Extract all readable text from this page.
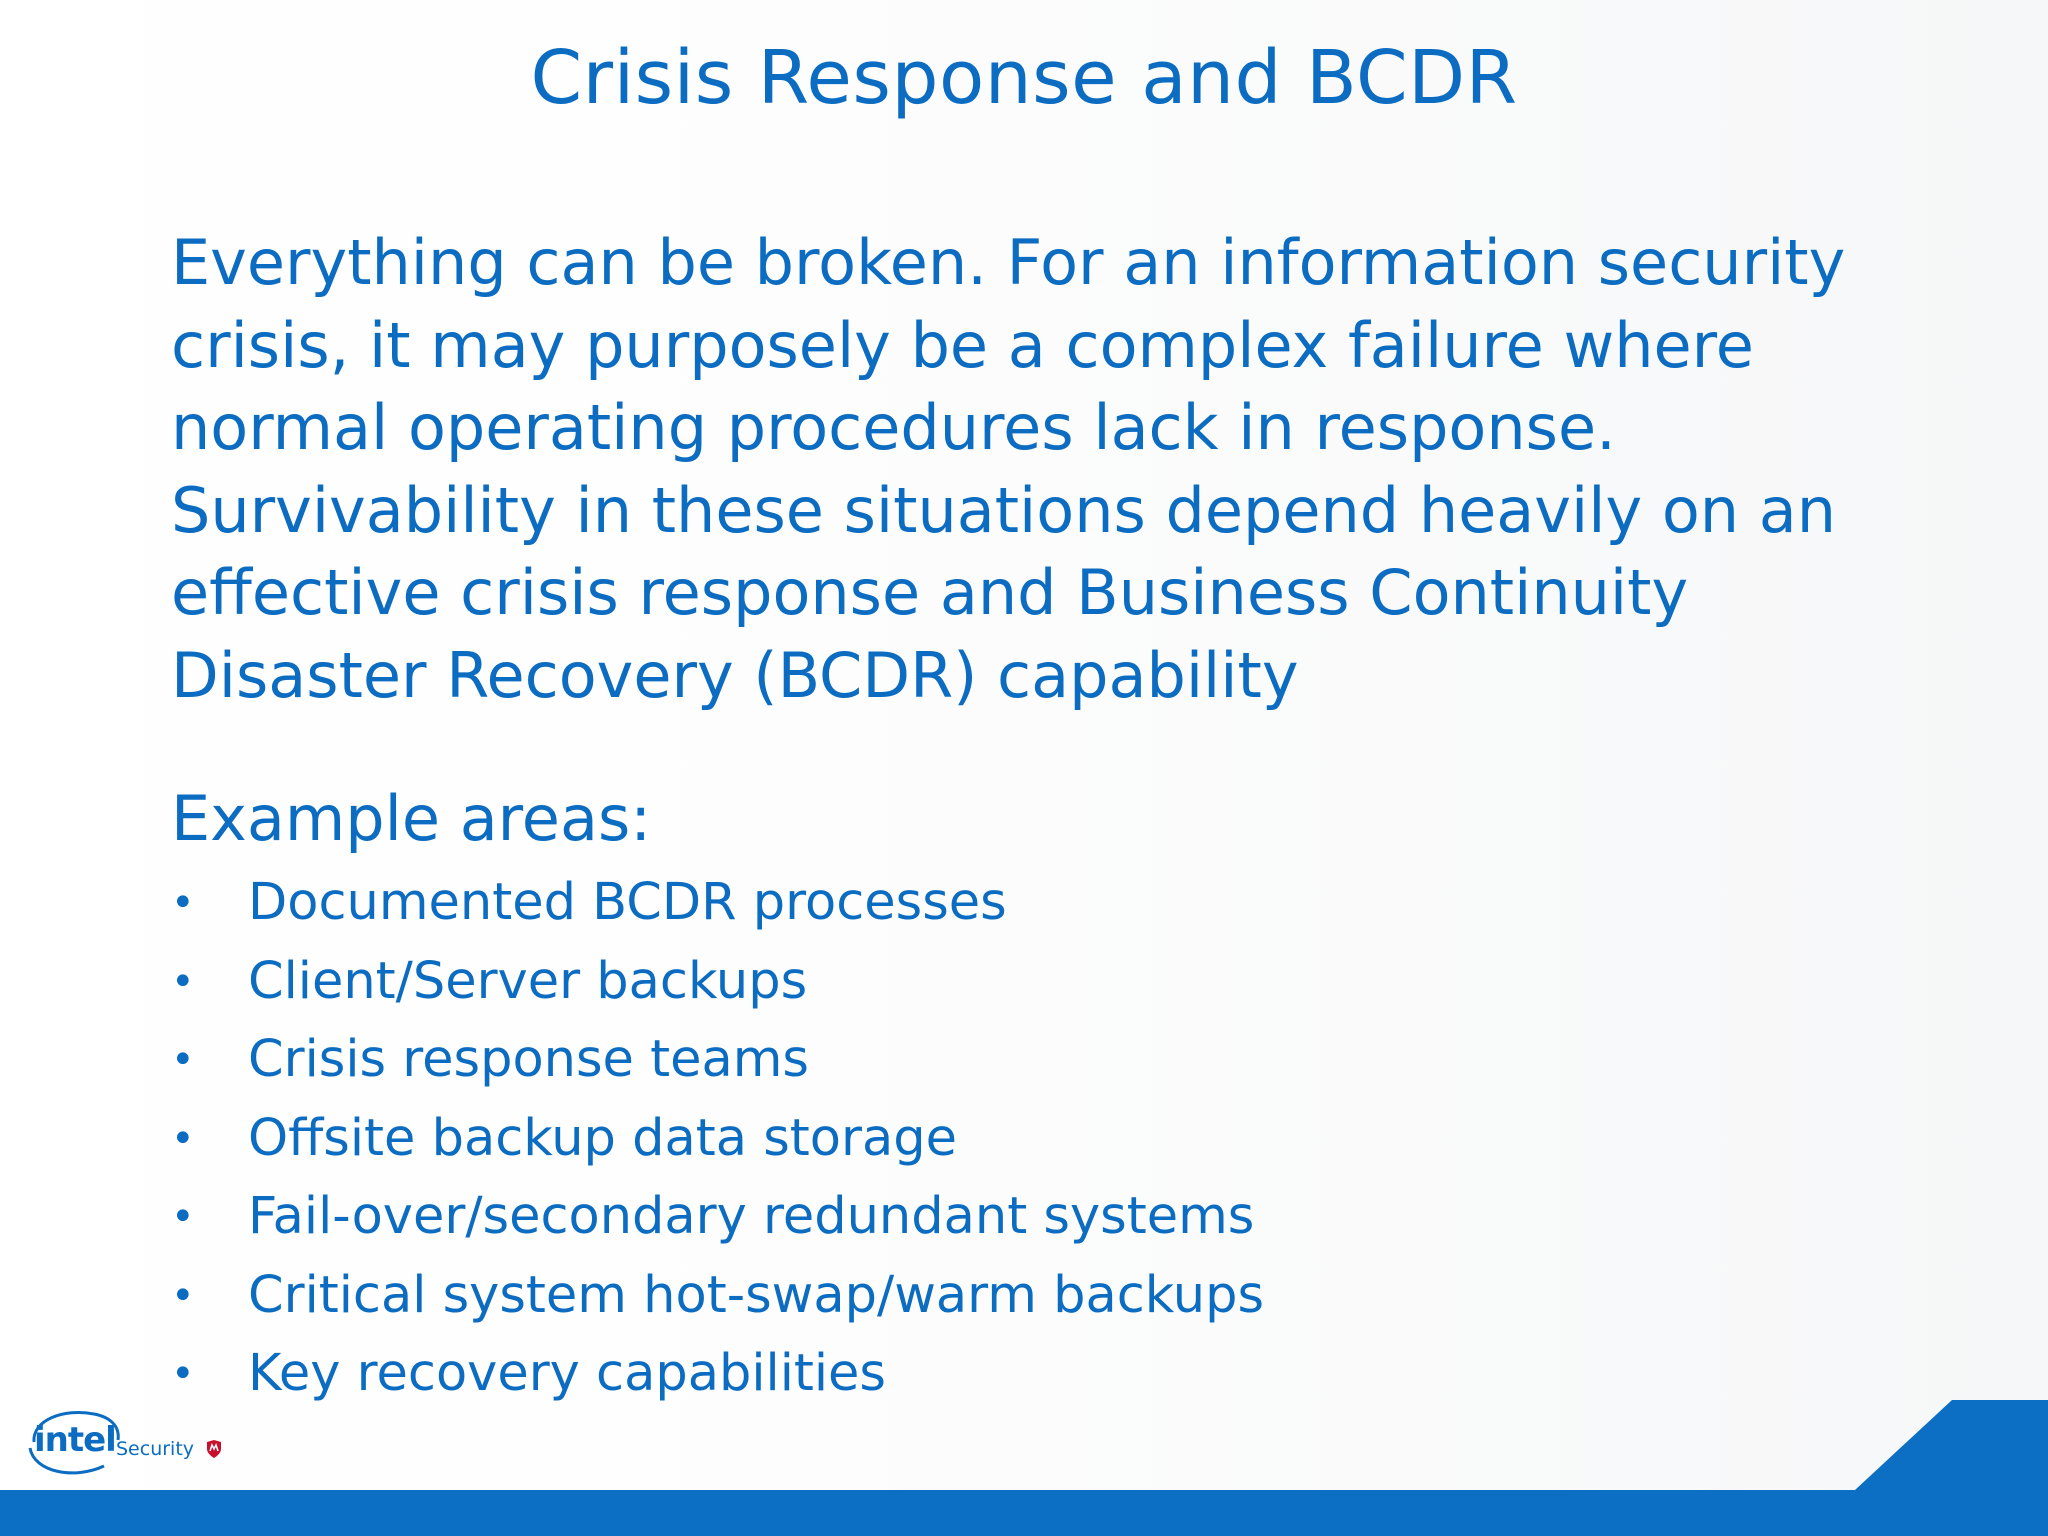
Crisis Response and BCDR
Everything can be broken. For an information security
crisis, it may purposely be a complex failure where
normal operating procedures lack in response.
Survivability in these situations depend heavily on an
effective crisis response and Business Continuity
Disaster Recovery (BCDR) capability
Example areas:
• Documented BCDR processes
• Client/Server backups
• Crisis response teams
• Offsite backup data storage
• Fail-over/secondary redundant systems
• Critical system hot-swap/warm backups
• Key recovery capabilities
intel Security
